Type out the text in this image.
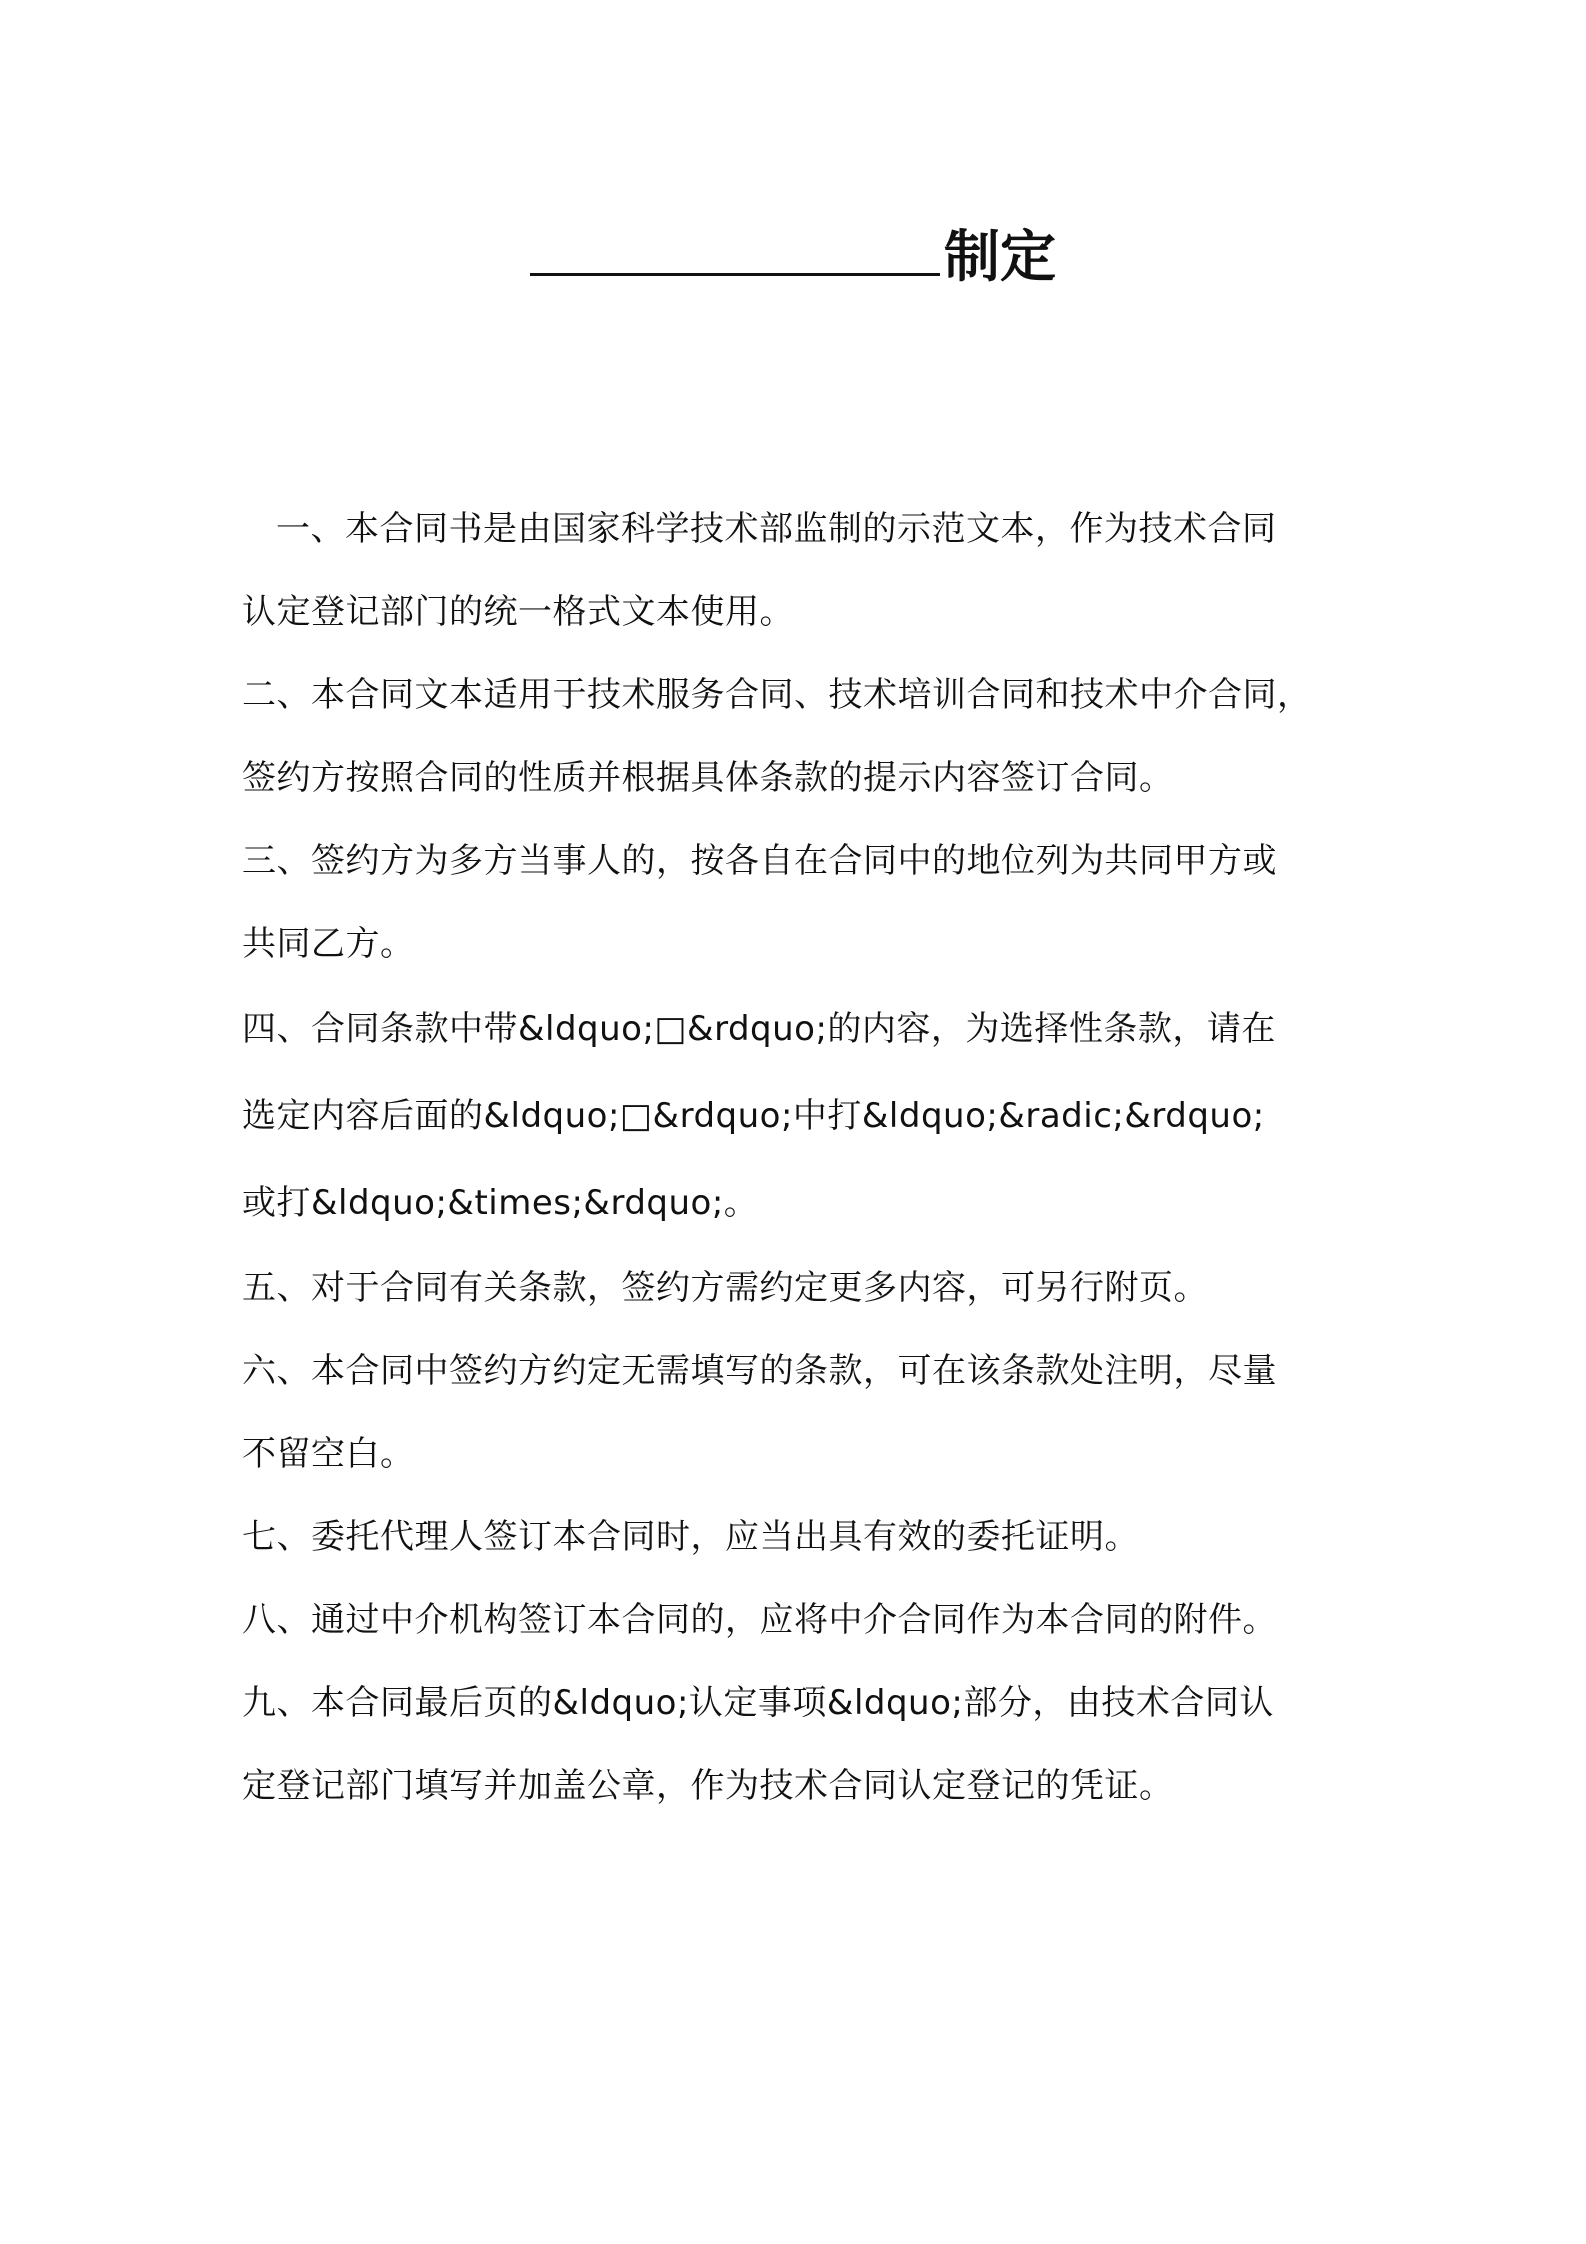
制定

一、本合同书是由国家科学技术部监制的示范文本，作为技术合同
认定登记部门的统一格式文本使用。

二、本合同文本适用于技术服务合同、技术培训合同和技术中介合同，
签约方按照合同的性质并根据具体条款的提示内容签订合同。

三、签约方为多方当事人的，按各自在合同中的地位列为共同甲方或
共同乙方。

四、合同条款中带&ldquo;□&rdquo;的内容，为选择性条款，请在
选定内容后面的&ldquo;□&rdquo;中打&ldquo;&radic;&rdquo;
或打&ldquo;&times;&rdquo;。

五、对于合同有关条款，签约方需约定更多内容，可另行附页。

六、本合同中签约方约定无需填写的条款，可在该条款处注明，尽量
不留空白。

七、委托代理人签订本合同时，应当出具有效的委托证明。

八、通过中介机构签订本合同的，应将中介合同作为本合同的附件。

九、本合同最后页的&ldquo;认定事项&ldquo;部分，由技术合同认
定登记部门填写并加盖公章，作为技术合同认定登记的凭证。
